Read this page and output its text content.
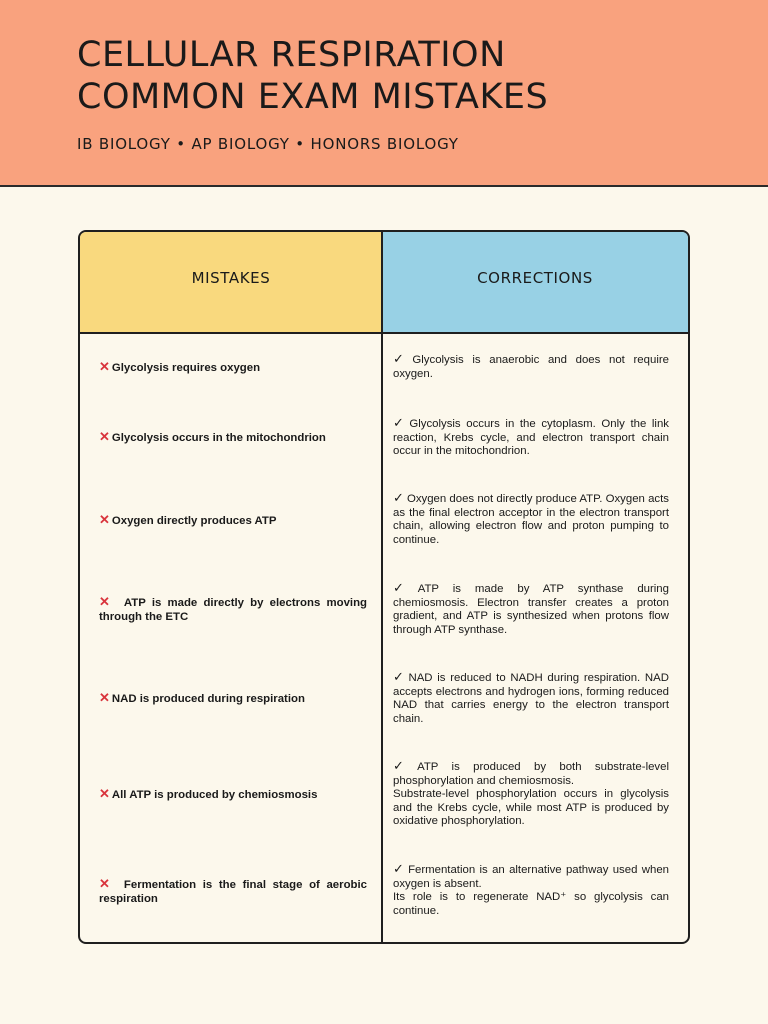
CELLULAR RESPIRATION
COMMON EXAM MISTAKES
IB BIOLOGY • AP BIOLOGY • HONORS BIOLOGY
MISTAKES	CORRECTIONS
✕ Glycolysis requires oxygen
✓ Glycolysis is anaerobic and does not require oxygen.
✕ Glycolysis occurs in the mitochondrion
✓ Glycolysis occurs in the cytoplasm. Only the link reaction, Krebs cycle, and electron transport chain occur in the mitochondrion.
✕ Oxygen directly produces ATP
✓ Oxygen does not directly produce ATP. Oxygen acts as the final electron acceptor in the electron transport chain, allowing electron flow and proton pumping to continue.
✕ ATP is made directly by electrons moving through the ETC
✓ ATP is made by ATP synthase during chemiosmosis. Electron transfer creates a proton gradient, and ATP is synthesized when protons flow through ATP synthase.
✕ NAD is produced during respiration
✓ NAD is reduced to NADH during respiration. NAD accepts electrons and hydrogen ions, forming reduced NAD that carries energy to the electron transport chain.
✕ All ATP is produced by chemiosmosis
✓ ATP is produced by both substrate-level phosphorylation and chemiosmosis.
Substrate-level phosphorylation occurs in glycolysis and the Krebs cycle, while most ATP is produced by oxidative phosphorylation.
✕ Fermentation is the final stage of aerobic respiration
✓ Fermentation is an alternative pathway used when oxygen is absent.
Its role is to regenerate NAD⁺ so glycolysis can continue.
